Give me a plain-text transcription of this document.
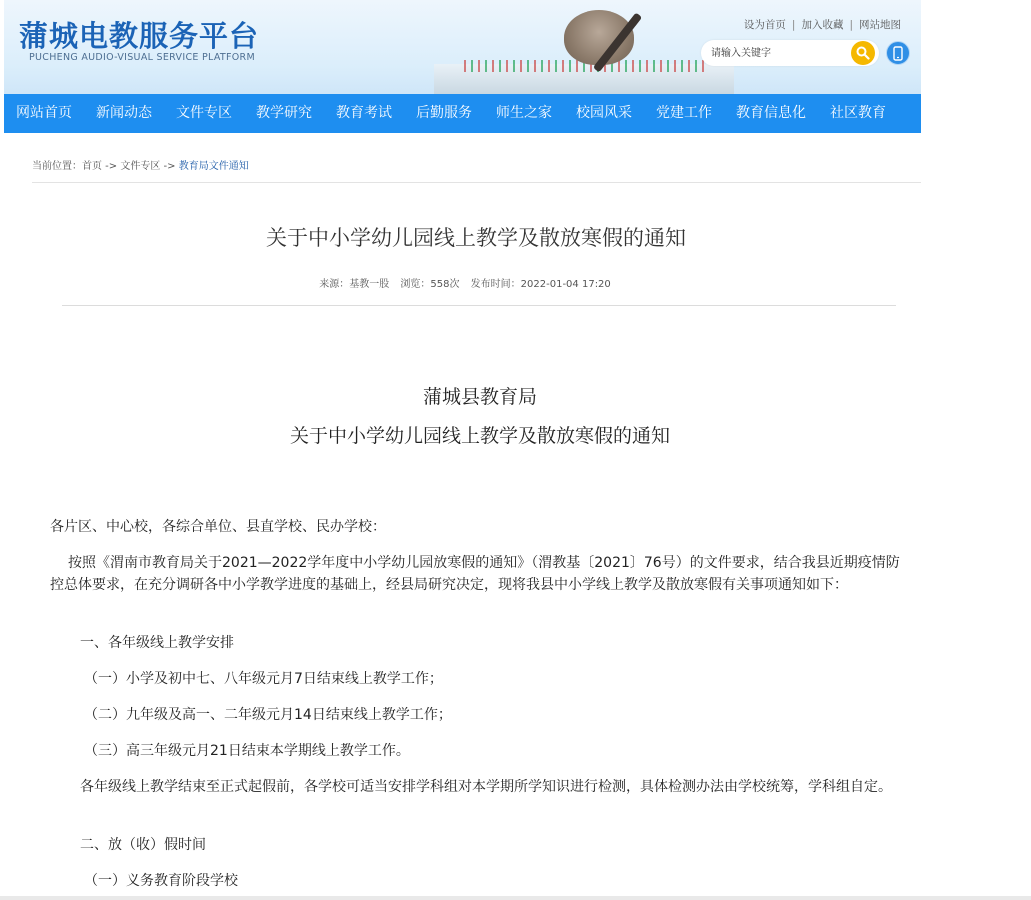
蒲城电教服务平台
PUCHENG AUDIO-VISUAL SERVICE PLATFORM
设为首页 | 加入收藏 | 网站地图
请输入关键字
网站首页	新闻动态	文件专区	教学研究	教育考试	后勤服务	师生之家	校园风采	党建工作	教育信息化	社区教育
当前位置：首页 -> 文件专区 -> 教育局文件通知
关于中小学幼儿园线上教学及散放寒假的通知
来源：基教一股 浏览：558次 发布时间：2022-01-04 17:20
蒲城县教育局
关于中小学幼儿园线上教学及散放寒假的通知
各片区、中心校，各综合单位、县直学校、民办学校：
按照《渭南市教育局关于2021—2022学年度中小学幼儿园放寒假的通知》（渭教基〔2021〕76号）的文件要求，结合我县近期疫情防控总体要求，在充分调研各中小学教学进度的基础上，经县局研究决定，现将我县中小学线上教学及散放寒假有关事项通知如下：
一、各年级线上教学安排
（一）小学及初中七、八年级元月7日结束线上教学工作；
（二）九年级及高一、二年级元月14日结束线上教学工作；
（三）高三年级元月21日结束本学期线上教学工作。
各年级线上教学结束至正式起假前，各学校可适当安排学科组对本学期所学知识进行检测，具体检测办法由学校统筹，学科组自定。
二、放（收）假时间
（一）义务教育阶段学校
